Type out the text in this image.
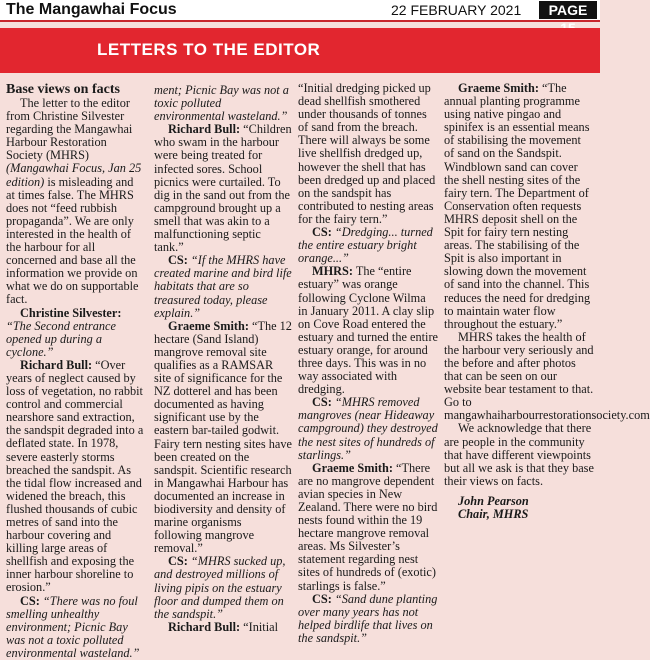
The Mangawhai Focus	22 FEBRUARY 2021	PAGE
LETTERS TO THE EDITOR

Base views on facts

The letter to the editor from Christine Silvester regarding the Mangawhai Harbour Restoration Society (MHRS) (Mangawhai Focus, Jan 25 edition) is misleading and at times false. The MHRS does not “feed rubbish propaganda”. We are only interested in the health of the harbour for all concerned and base all the information we provide on what we do on supportable fact.

Christine Silvester: “The Second entrance opened up during a cyclone.”

Richard Bull: “Over years of neglect caused by loss of vegetation, no rabbit control and commercial nearshore sand extraction, the sandspit degraded into a deflated state. In 1978, severe easterly storms breached the sandspit. As the tidal flow increased and widened the breach, this flushed thousands of cubic metres of sand into the harbour covering and killing large areas of shellfish and exposing the inner harbour shoreline to erosion.”

CS: “There was no foul smelling unhealthy environment; Picnic Bay was not a toxic polluted environmental wasteland.”

ment; Picnic Bay was not a toxic polluted environmental wasteland.”

Richard Bull: “Children who swam in the harbour were being treated for infected sores. School picnics were curtailed. To dig in the sand out from the campground brought up a smell that was akin to a malfunctioning septic tank.”

CS: “If the MHRS have created marine and bird life habitats that are so treasured today, please explain.”

Graeme Smith: “The 12 hectare (Sand Island) mangrove removal site qualifies as a RAMSAR site of significance for the NZ dotterel and has been documented as having significant use by the eastern bar-tailed godwit. Fairy tern nesting sites have been created on the sandspit. Scientific research in Mangawhai Harbour has documented an increase in biodiversity and density of marine organisms following mangrove removal.”

CS: “MHRS sucked up, and destroyed millions of living pipis on the estuary floor and dumped them on the sandspit.”

Richard Bull: “Initial

“Initial dredging picked up dead shellfish smothered under thousands of tonnes of sand from the breach. There will always be some live shellfish dredged up, however the shell that has been dredged up and placed on the sandspit has contributed to nesting areas for the fairy tern.”

CS: “Dredging... turned the entire estuary bright orange...”

MHRS: The “entire estuary” was orange following Cyclone Wilma in January 2011. A clay slip on Cove Road entered the estuary and turned the entire estuary orange, for around three days. This was in no way associated with dredging.

CS: “MHRS removed mangroves (near Hideaway campground) they destroyed the nest sites of hundreds of starlings.”

Graeme Smith: “There are no mangrove dependent avian species in New Zealand. There were no bird nests found within the 19 hectare mangrove removal areas. Ms Silvester’s statement regarding nest sites of hundreds of (exotic) starlings is false.”

CS: “Sand dune planting over many years has not helped birdlife that lives on the sandspit.”

Graeme Smith: “The annual planting programme using native pingao and spinifex is an essential means of stabilising the movement of sand on the Sandspit. Windblown sand can cover the shell nesting sites of the fairy tern. The Department of Conservation often requests MHRS deposit shell on the Spit for fairy tern nesting areas. The stabilising of the Spit is also important in slowing down the movement of sand into the channel. This reduces the need for dredging to maintain water flow throughout the estuary.”

MHRS takes the health of the harbour very seriously and the before and after photos that can be seen on our website bear testament to that. Go to mangawhaiharbourrestorationsociety.com

We acknowledge that there are people in the community that have different viewpoints but all we ask is that they base their views on facts.

John Pearson
Chair, MHRS
